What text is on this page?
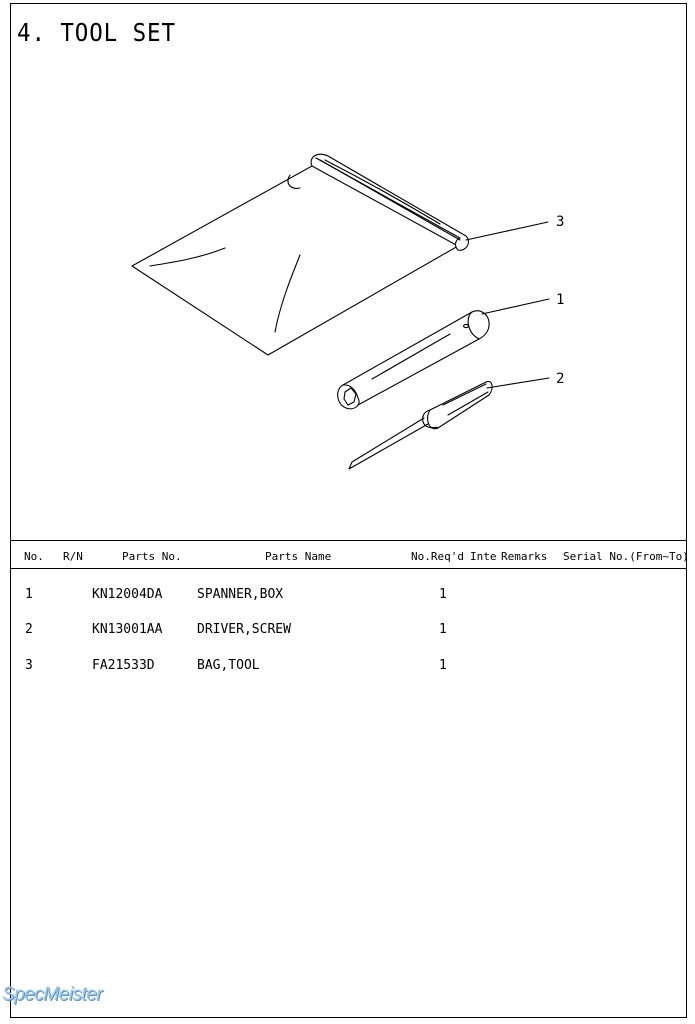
4. TOOL SET
3
1
2
No. R/N	Parts No.	Parts Name	No.Req'd Inte Remarks Serial No.(From~To)
1	KN12004DA	SPANNER,BOX	1
2	KN13001AA	DRIVER,SCREW	1
3	FA21533D	BAG,TOOL	1
SpecMeister
